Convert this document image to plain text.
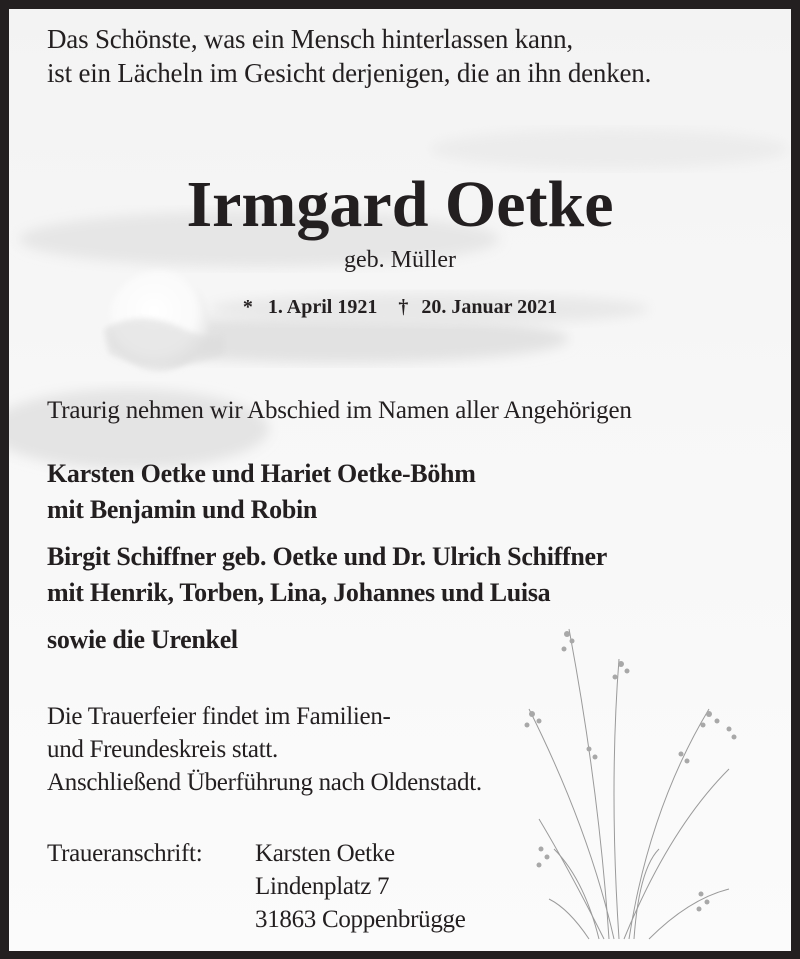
Das Schönste, was ein Mensch hinterlassen kann,
ist ein Lächeln im Gesicht derjenigen, die an ihn denken.
Irmgard Oetke
geb. Müller
* 1. April 1921 † 20. Januar 2021
Traurig nehmen wir Abschied im Namen aller Angehörigen
Karsten Oetke und Hariet Oetke-Böhm
mit Benjamin und Robin
Birgit Schiffner geb. Oetke und Dr. Ulrich Schiffner
mit Henrik, Torben, Lina, Johannes und Luisa
sowie die Urenkel
Die Trauerfeier findet im Familien-
und Freundeskreis statt.
Anschließend Überführung nach Oldenstadt.
Traueranschrift: Karsten Oetke
Lindenplatz 7
31863 Coppenbrügge
